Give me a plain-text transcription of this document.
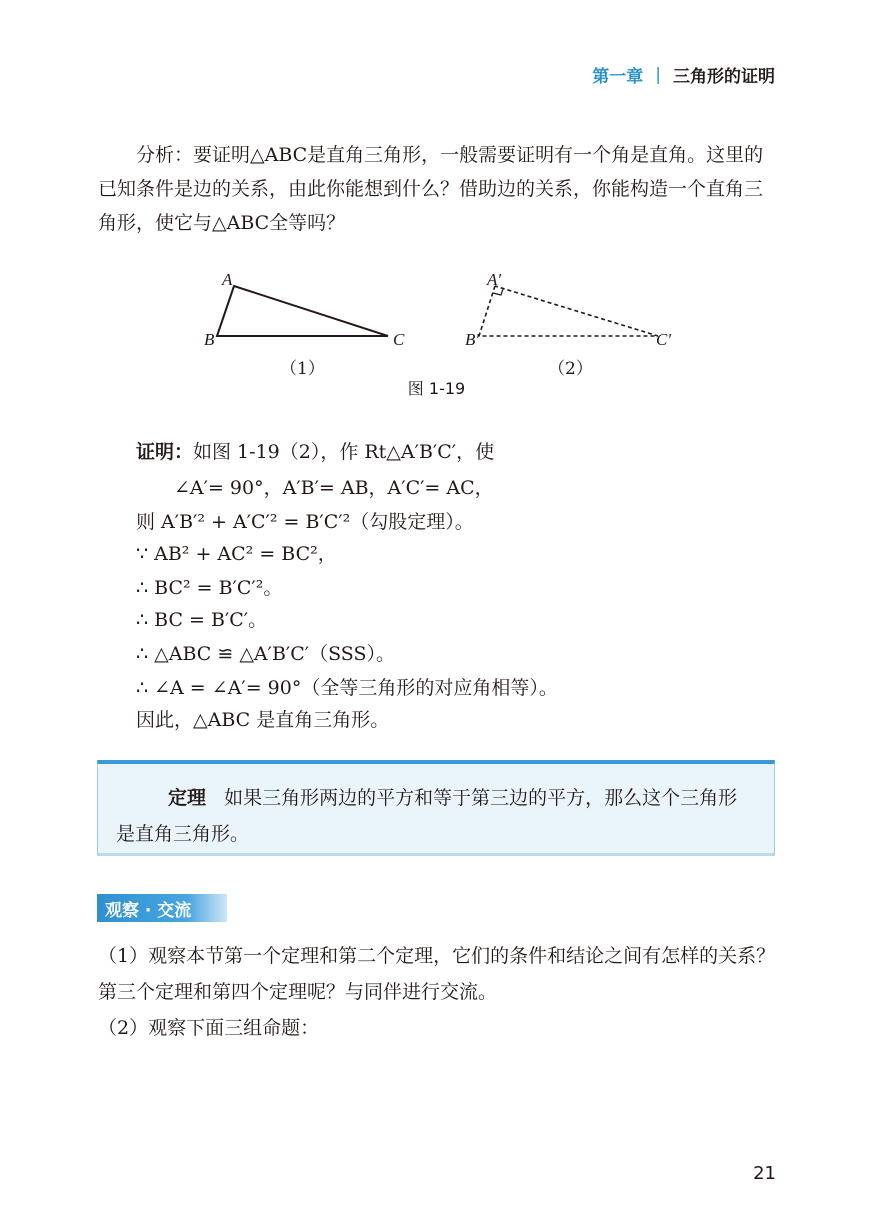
第一章 | 三角形的证明
分析：要证明△ABC是直角三角形，一般需要证明有一个角是直角。这里的已知条件是边的关系，由此你能想到什么？借助边的关系，你能构造一个直角三角形，使它与△ABC全等吗？
A
B	C
（1）
A′
B′	C′
（2）
图 1-19
证明：如图 1-19（2），作 Rt△A′B′C′，使
∠A′= 90°，A′B′= AB，A′C′= AC，
则 A′B′² + A′C′² = B′C′²（勾股定理）。
∵ AB² + AC² = BC²，
∴ BC² = B′C′²。
∴ BC = B′C′。
∴ △ABC ≌ △A′B′C′（SSS）。
∴ ∠A = ∠A′= 90°（全等三角形的对应角相等）。
因此，△ABC 是直角三角形。
定理 如果三角形两边的平方和等于第三边的平方，那么这个三角形是直角三角形。
观察 · 交流
（1）观察本节第一个定理和第二个定理，它们的条件和结论之间有怎样的关系？第三个定理和第四个定理呢？与同伴进行交流。
（2）观察下面三组命题：
21
